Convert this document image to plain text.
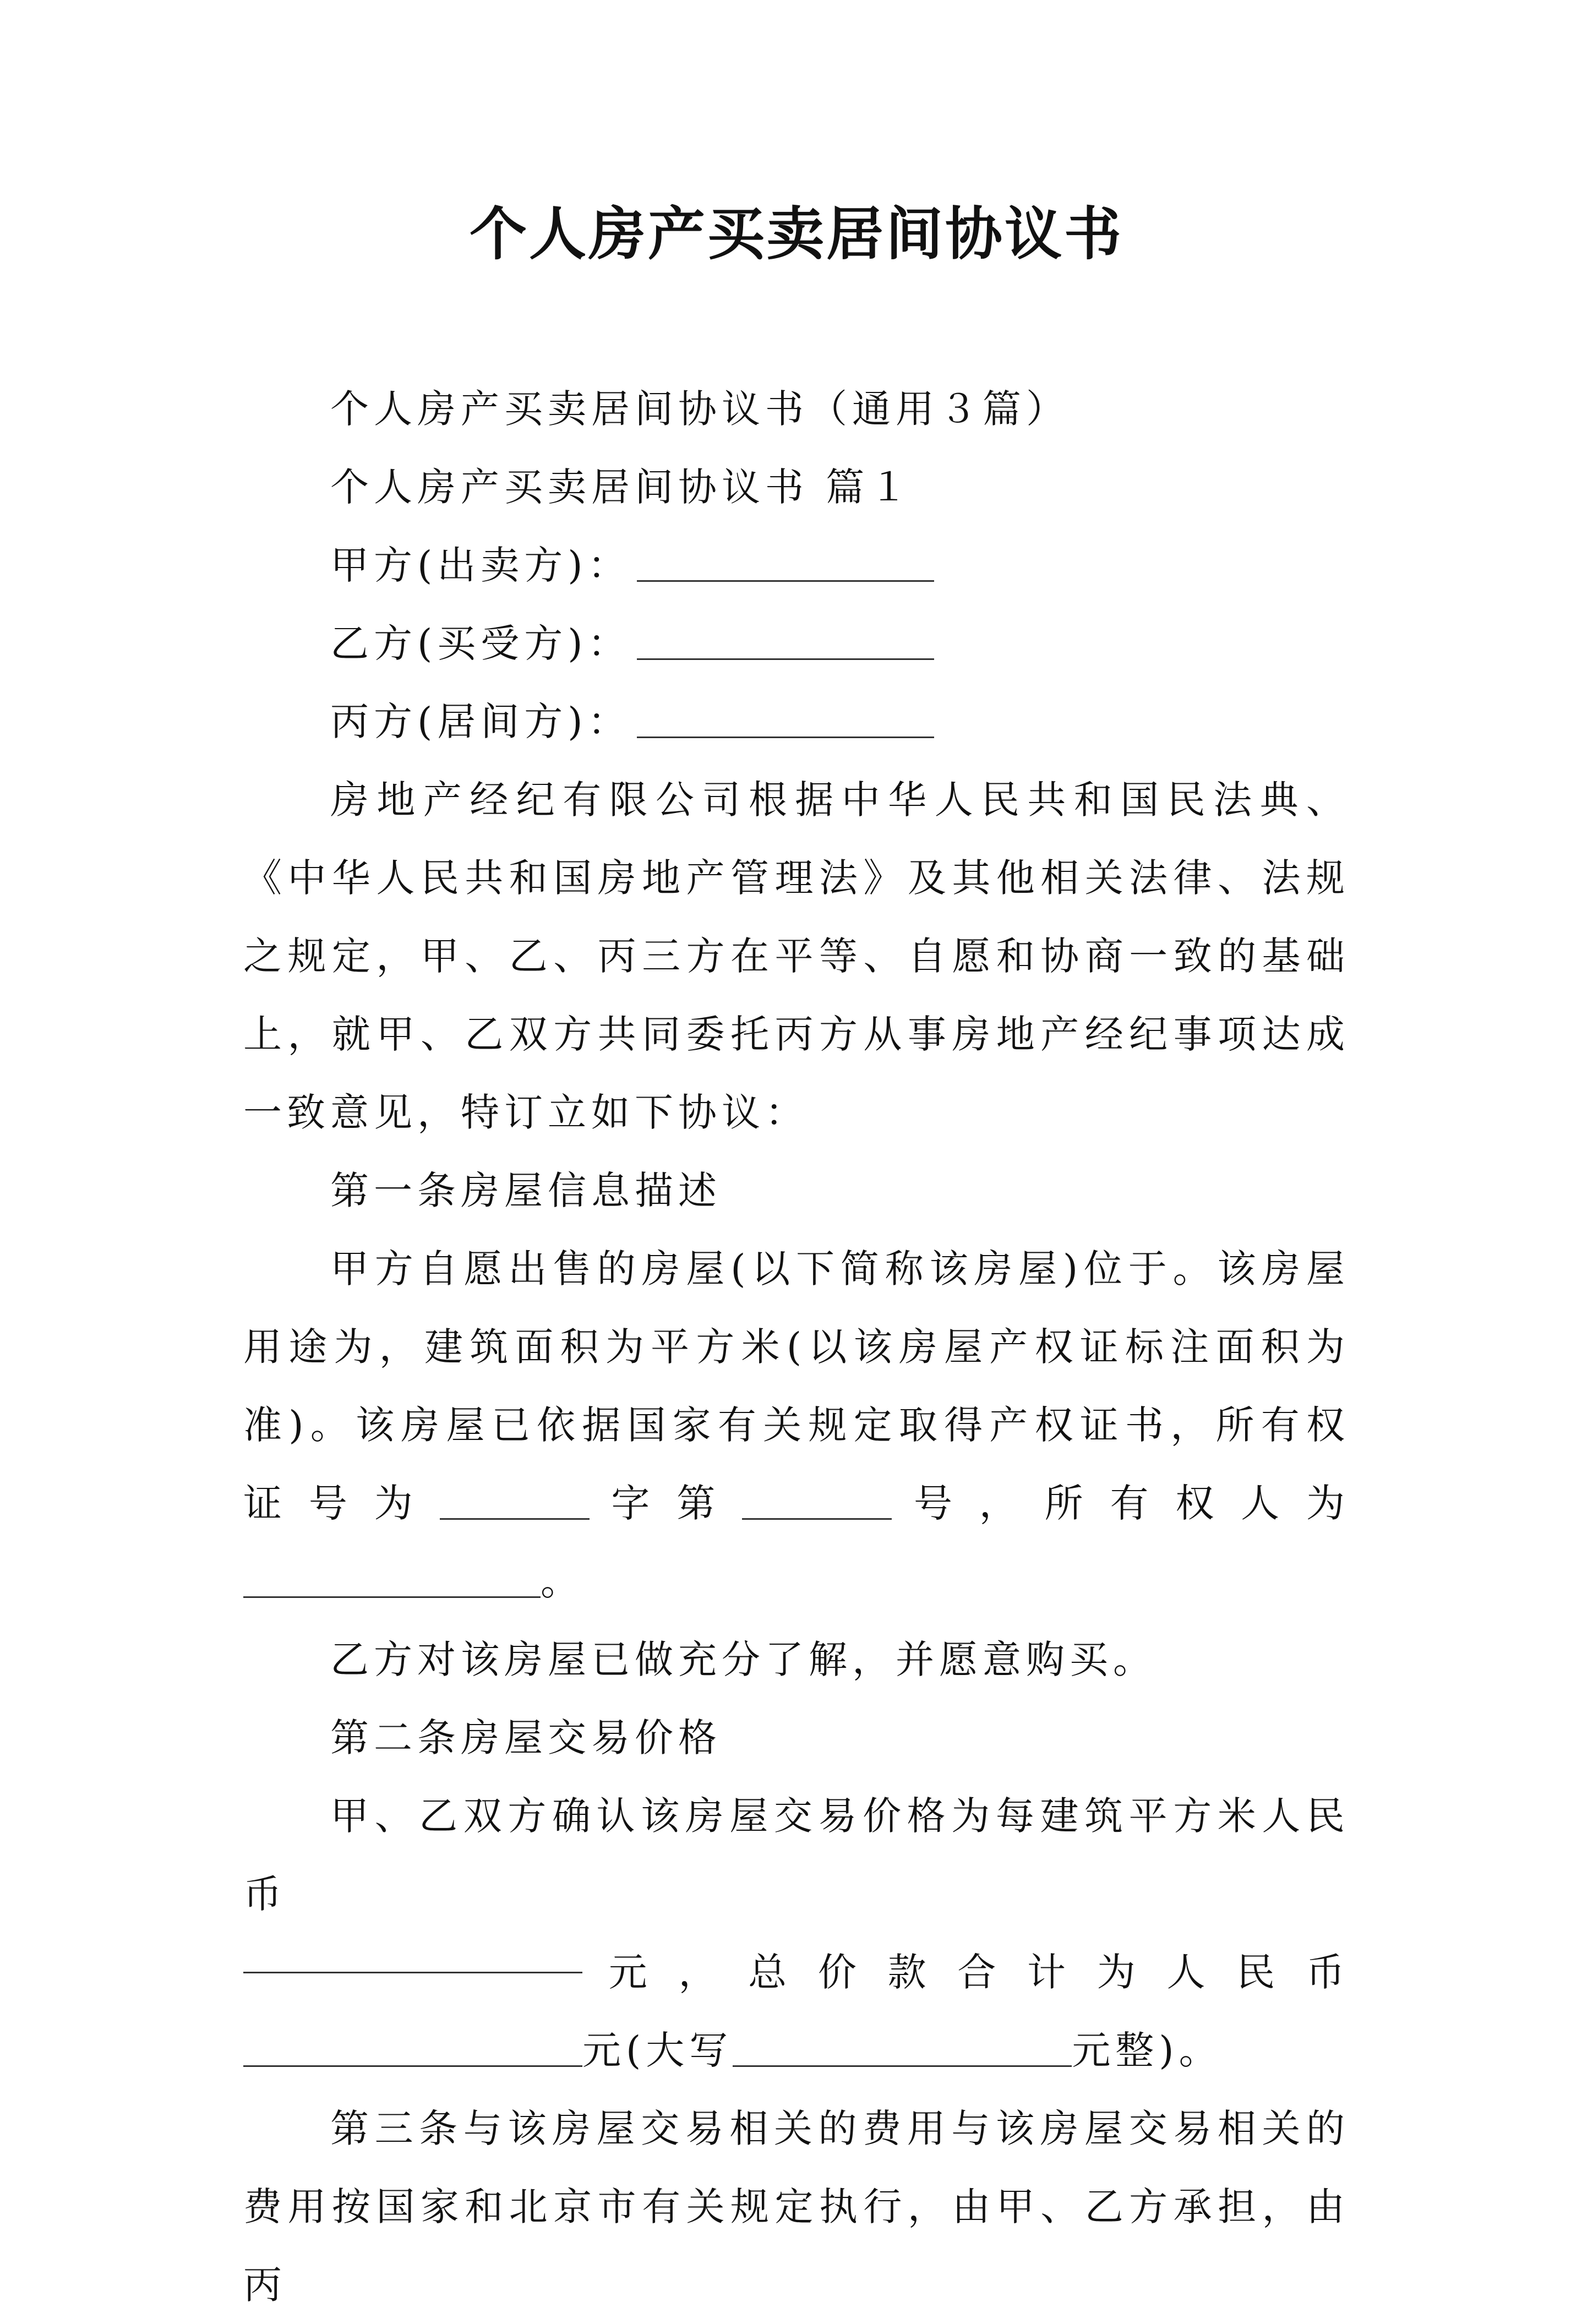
个人房产买卖居间协议书

个人房产买卖居间协议书（通用３篇）

个人房产买卖居间协议书 篇１

甲方(出卖方)：

乙方(买受方)：

丙方(居间方)：

房地产经纪有限公司根据中华人民共和国民法典、《中华人民共和国房地产管理法》及其他相关法律、法规之规定，甲、乙、丙三方在平等、自愿和协商一致的基础上，就甲、乙双方共同委托丙方从事房地产经纪事项达成一致意见，特订立如下协议：

第一条房屋信息描述

甲方自愿出售的房屋(以下简称该房屋)位于。该房屋用途为，建筑面积为平方米(以该房屋产权证标注面积为准)。该房屋已依据国家有关规定取得产权证书，所有权证号为	字第	号，所有权人为。

乙方对该房屋已做充分了解，并愿意购买。

第二条房屋交易价格

甲、乙双方确认该房屋交易价格为每建筑平方米人民币

元 ， 总 价 款 合 计 为 人 民 币

元(大写	元整)。

第三条与该房屋交易相关的费用与该房屋交易相关的费用按国家和北京市有关规定执行，由甲、乙方承担，由丙
